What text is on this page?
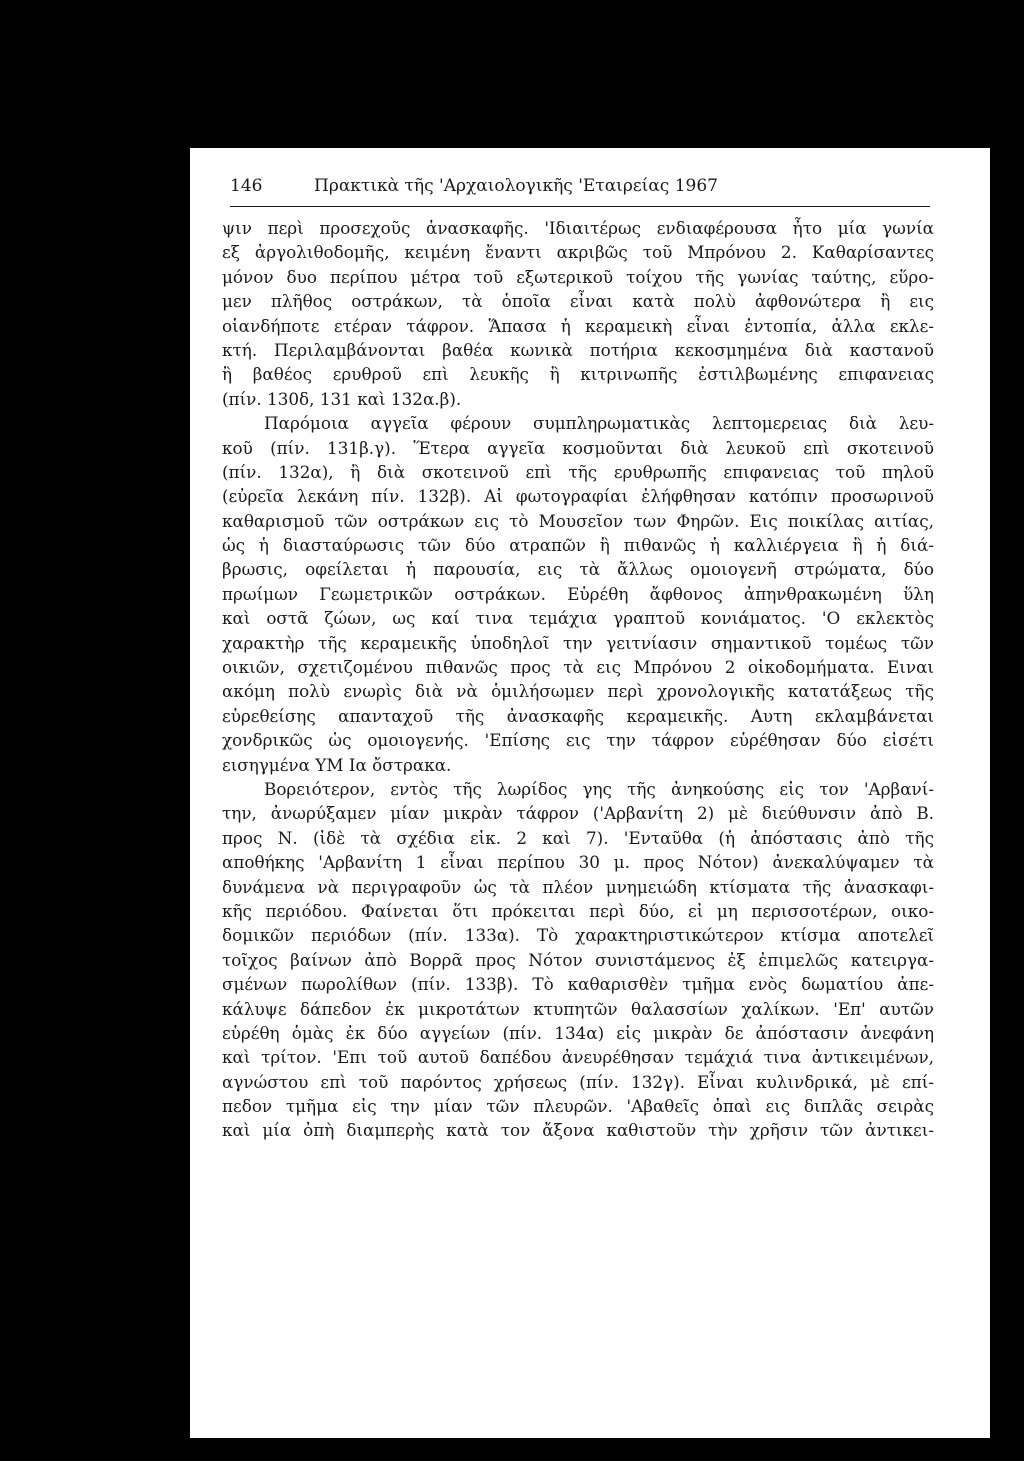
146	Πρακτικὰ τῆς 'Αρχαιολογικῆς 'Εταιρείας 1967
ψιν περὶ προσεχοῦς ἀνασκαφῆς. 'Ιδιαιτέρως ενδιαφέρουσα ἦτο μία γωνία
εξ ἀργολιθοδομῆς, κειμένη ἔναντι ακριβῶς τοῦ Μπρόνου 2. Καθαρίσαντες
μόνον δυο περίπου μέτρα τοῦ εξωτερικοῦ τοίχου τῆς γωνίας ταύτης, εὕρο-
μεν πλῆθος οστράκων, τὰ ὁποῖα εἶναι κατὰ πολὺ ἀφθονώτερα ἢ εις
οἱανδήποτε ετέραν τάφρον. Ἅπασα ἡ κεραμεικὴ εἶναι ἐντοπία, ἀλλα εκλε-
κτή. Περιλαμβάνονται βαθέα κωνικὰ ποτήρια κεκοσμημένα διὰ καστανοῦ
ἢ βαθέος ερυθροῦ επὶ λευκῆς ἢ κιτρινωπῆς ἐστιλβωμένης επιφανειας
(πίν. 130δ, 131 καὶ 132α.β).
Παρόμοια αγγεῖα φέρουν συμπληρωματικὰς λεπτομερειας διὰ λευ-
κοῦ (πίν. 131β.γ). Ἕτερα αγγεῖα κοσμοῦνται διὰ λευκοῦ επὶ σκοτεινοῦ
(πίν. 132α), ἢ διὰ σκοτεινοῦ επὶ τῆς ερυθρωπῆς επιφανειας τοῦ πηλοῦ
(εὐρεῖα λεκάνη πίν. 132β). Αἱ φωτογραφίαι ἐλήφθησαν κατόπιν προσωρινοῦ
καθαρισμοῦ τῶν οστράκων εις τὸ Μουσεῖον των Φηρῶν. Εις ποικίλας αιτίας,
ὡς ἡ διασταύρωσις τῶν δύο ατραπῶν ἢ πιθανῶς ἡ καλλιέργεια ἢ ἡ διά-
βρωσις, οφείλεται ἡ παρουσία, εις τὰ ἄλλως ομοιογενῆ στρώματα, δύο
πρωίμων Γεωμετρικῶν οστράκων. Εὑρέθη ἄφθονος ἀπηνθρακωμένη ὕλη
καὶ οστᾶ ζώων, ως καί τινα τεμάχια γραπτοῦ κονιάματος. 'Ο εκλεκτὸς
χαρακτὴρ τῆς κεραμεικῆς ὑποδηλοῖ την γειτνίασιν σημαντικοῦ τομέως τῶν
οικιῶν, σχετιζομένου πιθανῶς προς τὰ εις Μπρόνου 2 οἰκοδομήματα. Ειναι
ακόμη πολὺ ενωρὶς διὰ νὰ ὁμιλήσωμεν περὶ χρονολογικῆς κατατάξεως τῆς
εὑρεθείσης απανταχοῦ τῆς ἀνασκαφῆς κεραμεικῆς. Αυτη εκλαμβάνεται
χονδρικῶς ὡς ομοιογενής. 'Επίσης εις την τάφρον εὑρέθησαν δύο εἰσέτι
εισηγμένα ΥΜ Ια ὄστρακα.
Βορειότερον, εντὸς τῆς λωρίδος γης τῆς ἀνηκούσης εἰς τον 'Αρβανί-
την, ἀνωρύξαμεν μίαν μικρὰν τάφρον ('Αρβανίτη 2) μὲ διεύθυνσιν ἀπὸ Β.
προς Ν. (ἰδὲ τὰ σχέδια εἰκ. 2 καὶ 7). 'Ενταῦθα (ἡ ἀπόστασις ἀπὸ τῆς
αποθήκης 'Αρβανίτη 1 εἶναι περίπου 30 μ. προς Νότον) ἀνεκαλύψαμεν τὰ
δυνάμενα νὰ περιγραφοῦν ὡς τὰ πλέον μνημειώδη κτίσματα τῆς ἀνασκαφι-
κῆς περιόδου. Φαίνεται ὅτι πρόκειται περὶ δύο, εἰ μη περισσοτέρων, οικο-
δομικῶν περιόδων (πίν. 133α). Τὸ χαρακτηριστικώτερον κτίσμα αποτελεῖ
τοῖχος βαίνων ἀπὸ Βορρᾶ προς Νότον συνιστάμενος ἐξ ἐπιμελῶς κατειργα-
σμένων πωρολίθων (πίν. 133β). Τὸ καθαρισθὲν τμῆμα ενὸς δωματίου ἀπε-
κάλυψε δάπεδον ἐκ μικροτάτων κτυπητῶν θαλασσίων χαλίκων. 'Επ' αυτῶν
εὑρέθη ὁμὰς ἐκ δύο αγγείων (πίν. 134α) εἰς μικρὰν δε ἀπόστασιν ἀνεφάνη
καὶ τρίτον. 'Επι τοῦ αυτοῦ δαπέδου ἀνευρέθησαν τεμάχιά τινα ἀντικειμένων,
αγνώστου επὶ τοῦ παρόντος χρήσεως (πίν. 132γ). Εἶναι κυλινδρικά, μὲ επί-
πεδον τμῆμα εἰς την μίαν τῶν πλευρῶν. 'Αβαθεῖς ὀπαὶ εις διπλᾶς σειρὰς
καὶ μία ὀπὴ διαμπερὴς κατὰ τον ἄξονα καθιστοῦν τὴν χρῆσιν τῶν ἀντικει-
